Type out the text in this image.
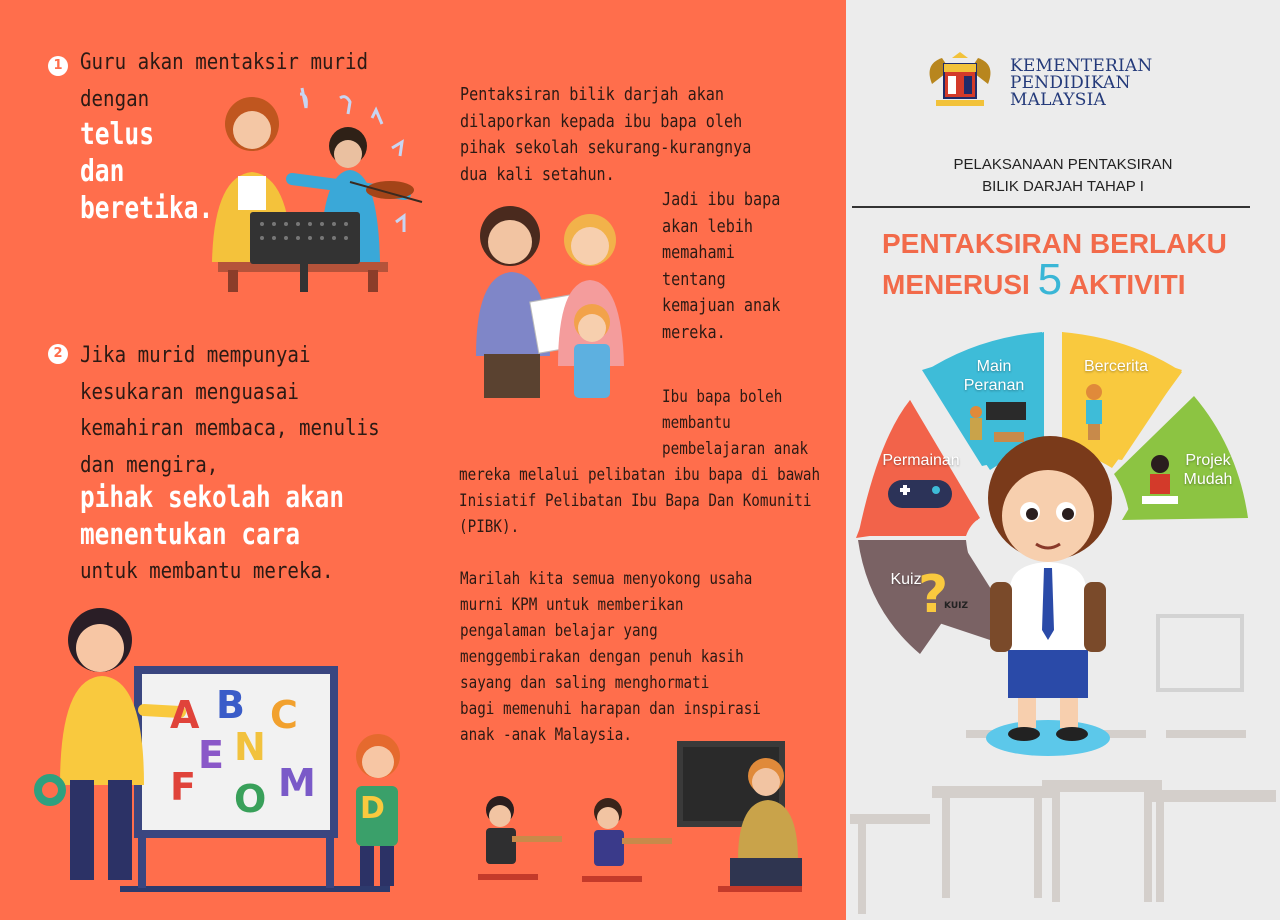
1 Guru akan mentaksir murid
dengan
telus
dan
beretika.
2 Jika murid mempunyai
kesukaran menguasai
kemahiran membaca, menulis
dan mengira,
pihak sekolah akan
menentukan cara
untuk membantu mereka.
D
A B C
E N
F O M
Pentaksiran bilik darjah akan
dilaporkan kepada ibu bapa oleh
pihak sekolah sekurang-kurangnya
dua kali setahun.
Jadi ibu bapa
akan lebih
memahami
tentang
kemajuan anak
mereka.
Ibu bapa boleh
membantu
pembelajaran anak
mereka melalui pelibatan ibu bapa di bawah
Inisiatif Pelibatan Ibu Bapa Dan Komuniti
(PIBK).
Marilah kita semua menyokong usaha
murni KPM untuk memberikan
pengalaman belajar yang
menggembirakan dengan penuh kasih
sayang dan saling menghormati
bagi memenuhi harapan dan inspirasi
anak -anak Malaysia.
KEMENTERIAN
PENDIDIKAN
MALAYSIA
PELAKSANAAN PENTAKSIRAN
BILIK DARJAH TAHAP I
PENTAKSIRAN BERLAKU
MENERUSI 5 AKTIVITI
?
KUIZ
Main
Peranan
Bercerita
Permainan	Projek
Mudah
Kuiz
